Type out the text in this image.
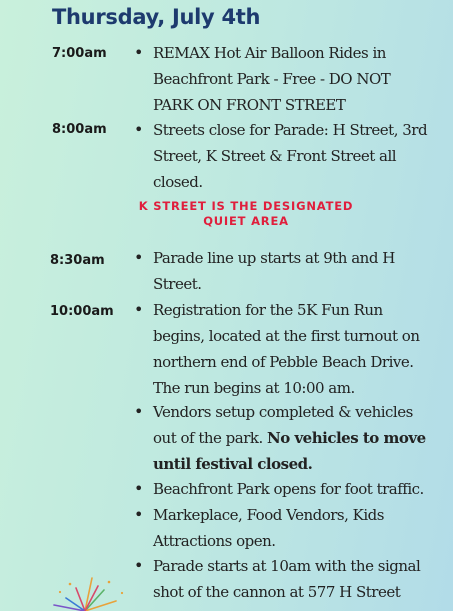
Thursday, July 4th
7:00am • REMAX Hot Air Balloon Rides in Beachfront Park - Free - DO NOT PARK ON FRONT STREET
8:00am • Streets close for Parade: H Street, 3rd Street, K Street & Front Street all closed.
K STREET IS THE DESIGNATED
QUIET AREA
8:30am • Parade line up starts at 9th and H Street.
10:00am • Registration for the 5K Fun Run begins, located at the first turnout on northern end of Pebble Beach Drive. The run begins at 10:00 am.
• Vendors setup completed & vehicles out of the park. No vehicles to move until festival closed.
• Beachfront Park opens for foot traffic.
• Markeplace, Food Vendors, Kids Attractions open.
• Parade starts at 10am with the signal shot of the cannon at 577 H Street
